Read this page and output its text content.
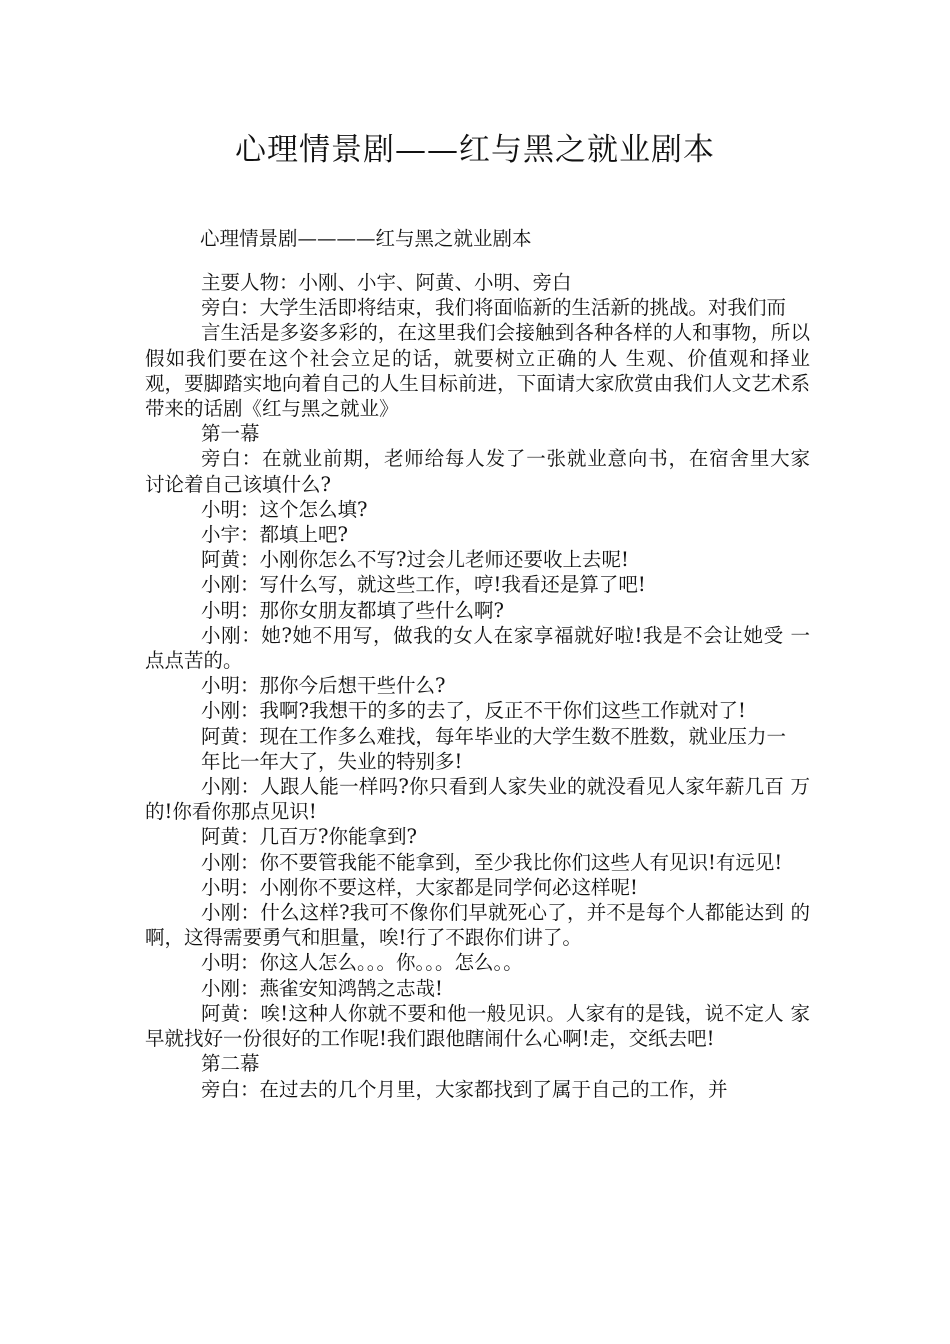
心理情景剧——红与黑之就业剧本
心理情景剧————红与黑之就业剧本

主要人物：小刚、小宇、阿黄、小明、旁白

旁白：大学生活即将结束，我们将面临新的生活新的挑战。对我们而

言生活是多姿多彩的，在这里我们会接触到各种各样的人和事物，所以假如我们要在这个社会立足的话，就要树立正确的人 生观、价值观和择业观，要脚踏实地向着自己的人生目标前进，下面请大家欣赏由我们人文艺术系带来的话剧《红与黑之就业》

第一幕

旁白：在就业前期，老师给每人发了一张就业意向书，在宿舍里大家 讨论着自己该填什么?

小明：这个怎么填?

小宇：都填上吧?

阿黄：小刚你怎么不写?过会儿老师还要收上去呢!

小刚：写什么写，就这些工作，哼!我看还是算了吧!

小明：那你女朋友都填了些什么啊?

小刚：她?她不用写，做我的女人在家享福就好啦!我是不会让她受 一点点苦的。

小明：那你今后想干些什么?

小刚：我啊?我想干的多的去了，反正不干你们这些工作就对了!

阿黄：现在工作多么难找，每年毕业的大学生数不胜数，就业压力一

年比一年大了，失业的特别多!

小刚：人跟人能一样吗?你只看到人家失业的就没看见人家年薪几百 万的!你看你那点见识!

阿黄：几百万?你能拿到?

小刚：你不要管我能不能拿到，至少我比你们这些人有见识!有远见!

小明：小刚你不要这样，大家都是同学何必这样呢!

小刚：什么这样?我可不像你们早就死心了，并不是每个人都能达到 的啊，这得需要勇气和胆量，唉!行了不跟你们讲了。

小明：你这人怎么。。。你。。。怎么。。

小刚：燕雀安知鸿鹄之志哉!

阿黄：唉!这种人你就不要和他一般见识。人家有的是钱，说不定人 家早就找好一份很好的工作呢!我们跟他瞎闹什么心啊!走，交纸去吧!

第二幕

旁白：在过去的几个月里，大家都找到了属于自己的工作，并
